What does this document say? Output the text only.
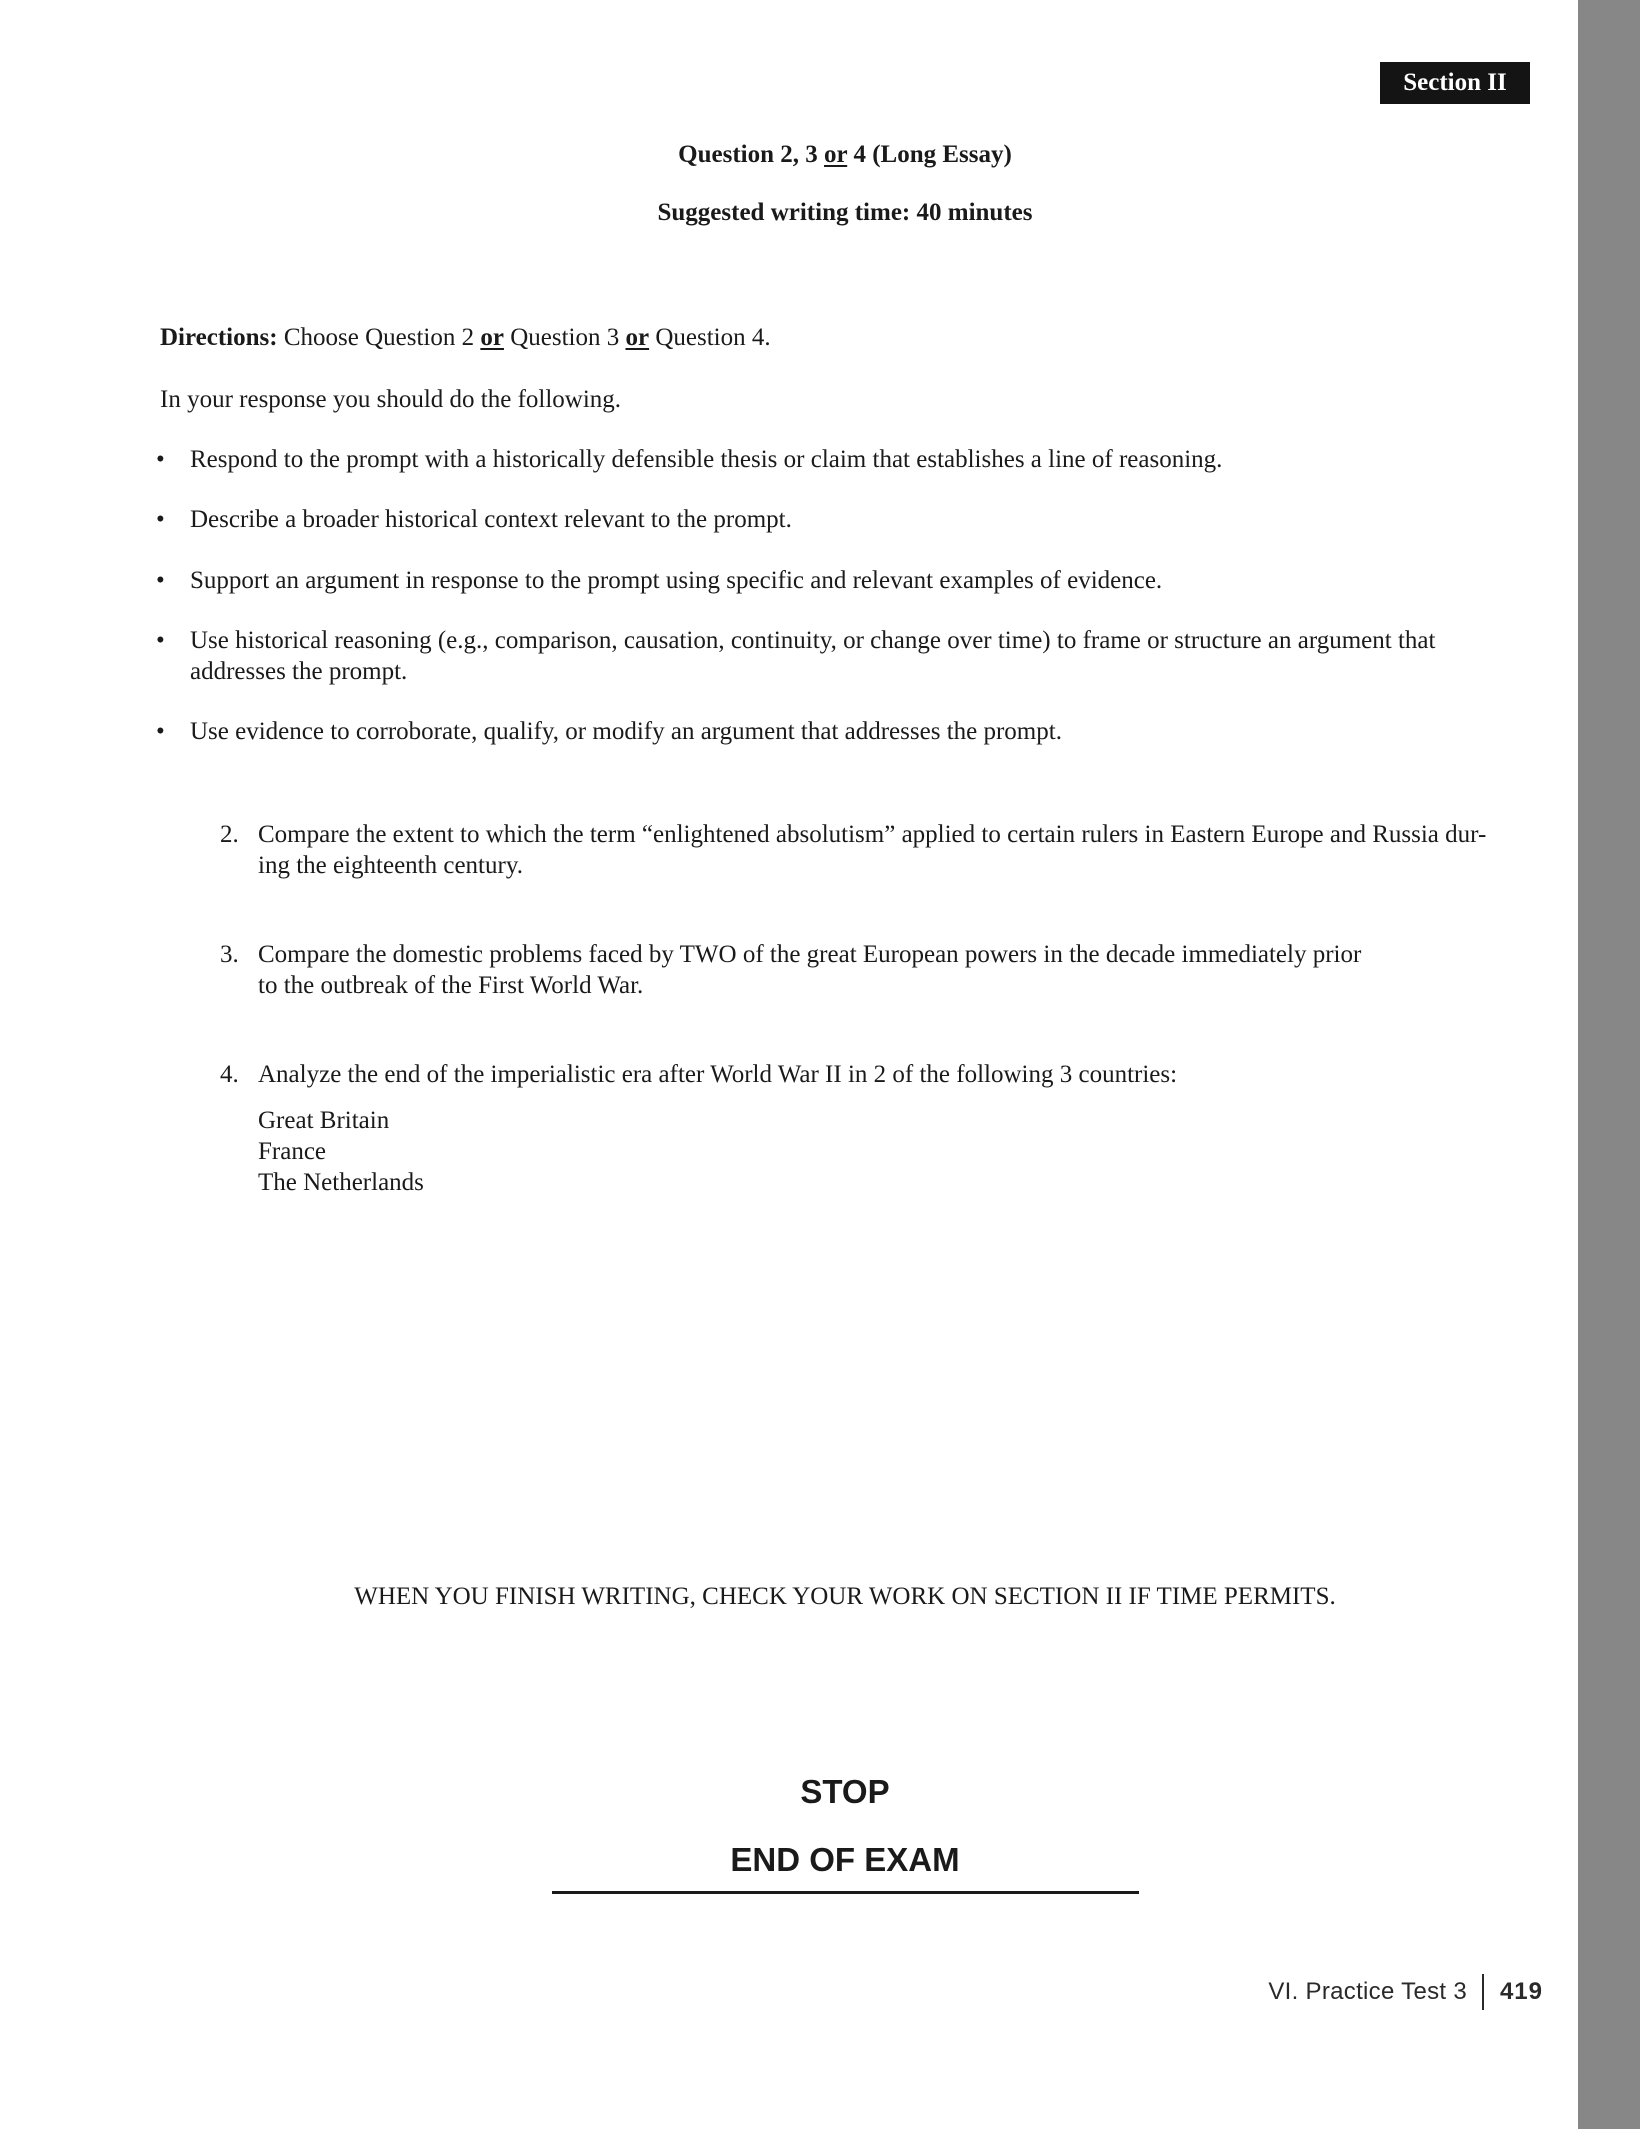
Section II
Question 2, 3 or 4 (Long Essay)
Suggested writing time: 40 minutes
Directions: Choose Question 2 or Question 3 or Question 4.
In your response you should do the following.
• Respond to the prompt with a historically defensible thesis or claim that establishes a line of reasoning.
• Describe a broader historical context relevant to the prompt.
• Support an argument in response to the prompt using specific and relevant examples of evidence.
• Use historical reasoning (e.g., comparison, causation, continuity, or change over time) to frame or structure an argument that addresses the prompt.
• Use evidence to corroborate, qualify, or modify an argument that addresses the prompt.
2. Compare the extent to which the term “enlightened absolutism” applied to certain rulers in Eastern Europe and Russia dur-
ing the eighteenth century.
3. Compare the domestic problems faced by TWO of the great European powers in the decade immediately prior
to the outbreak of the First World War.
4. Analyze the end of the imperialistic era after World War II in 2 of the following 3 countries:
Great Britain
France
The Netherlands
WHEN YOU FINISH WRITING, CHECK YOUR WORK ON SECTION II IF TIME PERMITS.
STOP
END OF EXAM
VI. Practice Test 3 419
